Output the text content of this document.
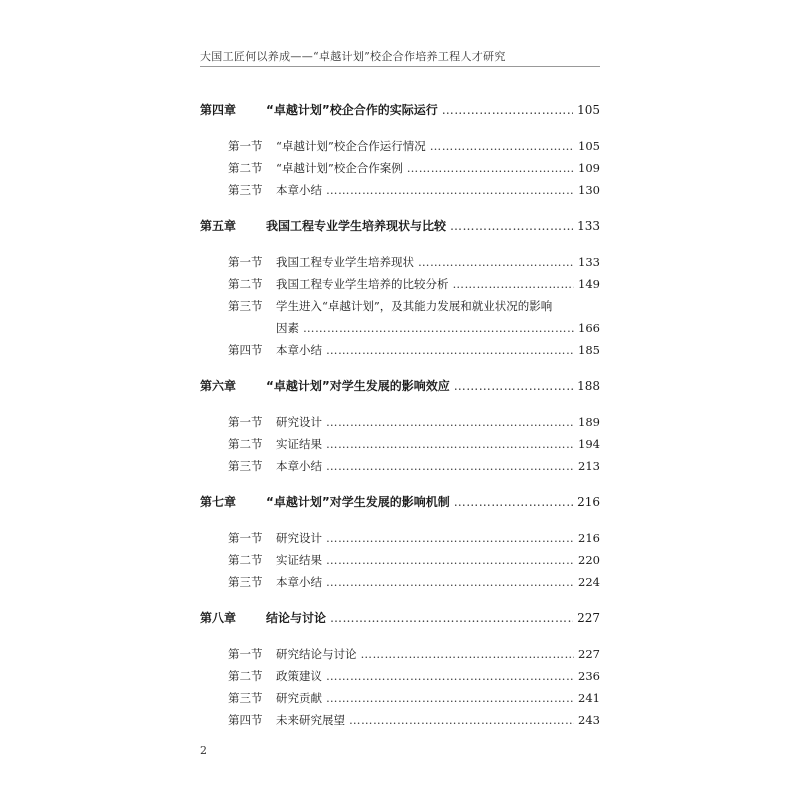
大国工匠何以养成——“卓越计划”校企合作培养工程人才研究
第四章	“卓越计划”校企合作的实际运行 ……………………………………………………………………………………………………………………………	105
第一节	“卓越计划”校企合作运行情况 ……………………………………………………………………………………………………………………………	105
第二节	“卓越计划”校企合作案例 ……………………………………………………………………………………………………………………………	109
第三节	本章小结 ……………………………………………………………………………………………………………………………	130
第五章	我国工程专业学生培养现状与比较 ……………………………………………………………………………………………………………………………	133
第一节	我国工程专业学生培养现状 ……………………………………………………………………………………………………………………………	133
第二节	我国工程专业学生培养的比较分析 ……………………………………………………………………………………………………………………………	149
第三节	学生进入“卓越计划”，及其能力发展和就业状况的影响
因素 ……………………………………………………………………………………………………………………………	166
第四节	本章小结 ……………………………………………………………………………………………………………………………	185
第六章	“卓越计划”对学生发展的影响效应 ……………………………………………………………………………………………………………………………	188
第一节	研究设计 ……………………………………………………………………………………………………………………………	189
第二节	实证结果 ……………………………………………………………………………………………………………………………	194
第三节	本章小结 ……………………………………………………………………………………………………………………………	213
第七章	“卓越计划”对学生发展的影响机制 ……………………………………………………………………………………………………………………………	216
第一节	研究设计 ……………………………………………………………………………………………………………………………	216
第二节	实证结果 ……………………………………………………………………………………………………………………………	220
第三节	本章小结 ……………………………………………………………………………………………………………………………	224
第八章	结论与讨论 ……………………………………………………………………………………………………………………………	227
第一节	研究结论与讨论 ……………………………………………………………………………………………………………………………	227
第二节	政策建议 ……………………………………………………………………………………………………………………………	236
第三节	研究贡献 ……………………………………………………………………………………………………………………………	241
第四节	未来研究展望 ……………………………………………………………………………………………………………………………	243
2
